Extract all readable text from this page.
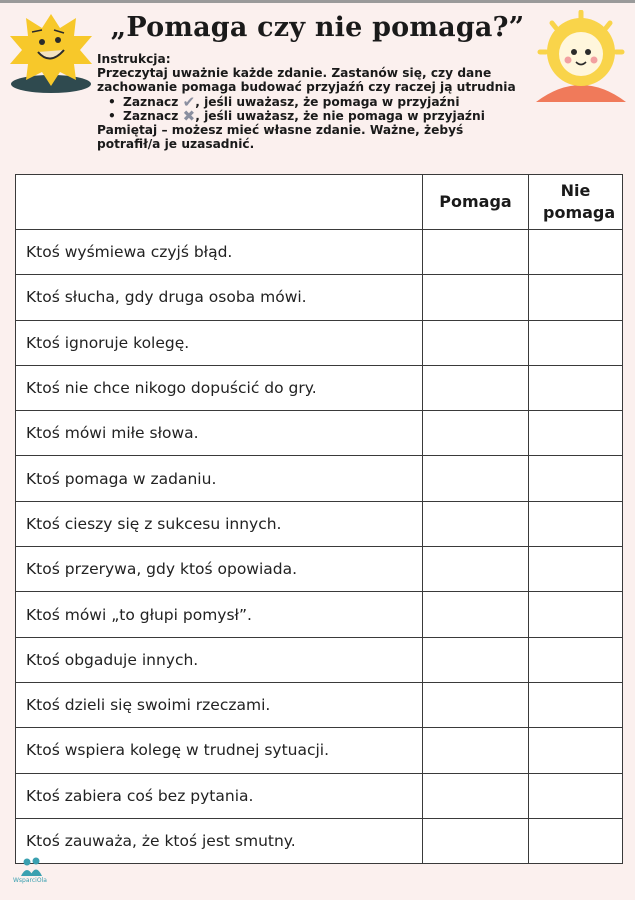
„Pomaga czy nie pomaga?”
Instrukcja:
Przeczytaj uważnie każde zdanie. Zastanów się, czy dane zachowanie pomaga budować przyjaźń czy raczej ją utrudnia
• Zaznacz ✔, jeśli uważasz, że pomaga w przyjaźni
• Zaznacz ✖, jeśli uważasz, że nie pomaga w przyjaźni
Pamiętaj – możesz mieć własne zdanie. Ważne, żebyś potrafił/a je uzasadnić.
	Pomaga	Nie pomaga
Ktoś wyśmiewa czyjś błąd.		
Ktoś słucha, gdy druga osoba mówi.		
Ktoś ignoruje kolegę.		
Ktoś nie chce nikogo dopuścić do gry.		
Ktoś mówi miłe słowa.		
Ktoś pomaga w zadaniu.		
Ktoś cieszy się z sukcesu innych.		
Ktoś przerywa, gdy ktoś opowiada.		
Ktoś mówi „to głupi pomysł”.		
Ktoś obgaduje innych.		
Ktoś dzieli się swoimi rzeczami.		
Ktoś wspiera kolegę w trudnej sytuacji.		
Ktoś zabiera coś bez pytania.		
Ktoś zauważa, że ktoś jest smutny.		
WsparciOla
